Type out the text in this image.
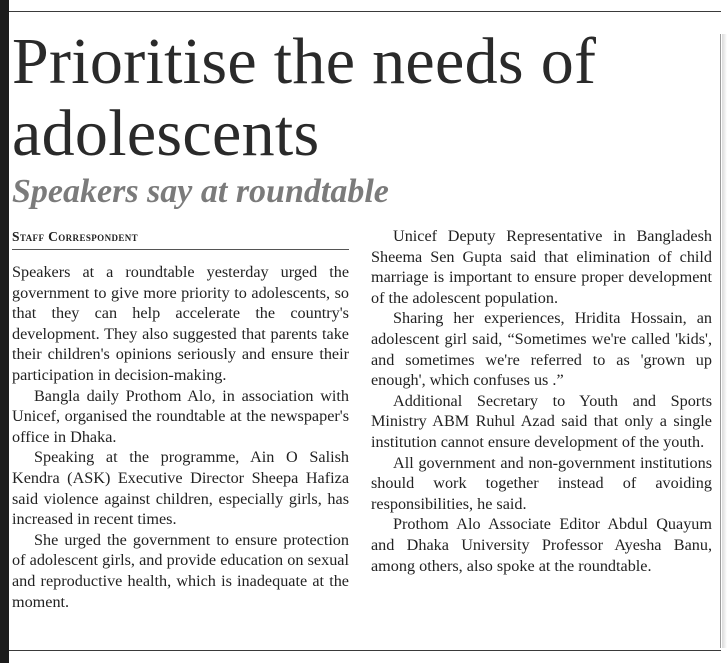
Prioritise the needs of adolescents
Speakers say at roundtable
Staff Correspondent

Speakers at a roundtable yesterday urged the government to give more priority to adolescents, so that they can help accelerate the country's development. They also suggested that parents take their children's opinions seriously and ensure their participation in decision-making.

Bangla daily Prothom Alo, in association with Unicef, organised the roundtable at the newspaper's office in Dhaka.

Speaking at the programme, Ain O Salish Kendra (ASK) Executive Director Sheepa Hafiza said violence against children, especially girls, has increased in recent times.

She urged the government to ensure protection of adolescent girls, and provide education on sexual and reproductive health, which is inadequate at the moment.

Unicef Deputy Representative in Bangladesh Sheema Sen Gupta said that elimination of child marriage is important to ensure proper development of the adolescent population.

Sharing her experiences, Hridita Hossain, an adolescent girl said, “Sometimes we're called 'kids', and sometimes we're referred to as 'grown up enough', which confuses us .”

Additional Secretary to Youth and Sports Ministry ABM Ruhul Azad said that only a single institution cannot ensure development of the youth.

All government and non-government institutions should work together instead of avoiding responsibilities, he said.

Prothom Alo Associate Editor Abdul Quayum and Dhaka University Professor Ayesha Banu, among others, also spoke at the roundtable.
